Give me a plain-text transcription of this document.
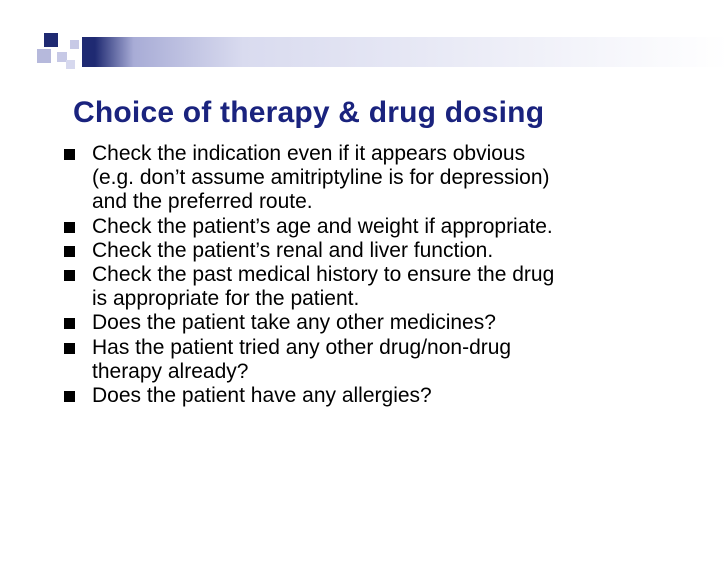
Choice of therapy & drug dosing
Check the indication even if it appears obvious
(e.g. don’t assume amitriptyline is for depression)
and the preferred route.
Check the patient’s age and weight if appropriate.
Check the patient’s renal and liver function.
Check the past medical history to ensure the drug
is appropriate for the patient.
Does the patient take any other medicines?
Has the patient tried any other drug/non-drug
therapy already?
Does the patient have any allergies?
